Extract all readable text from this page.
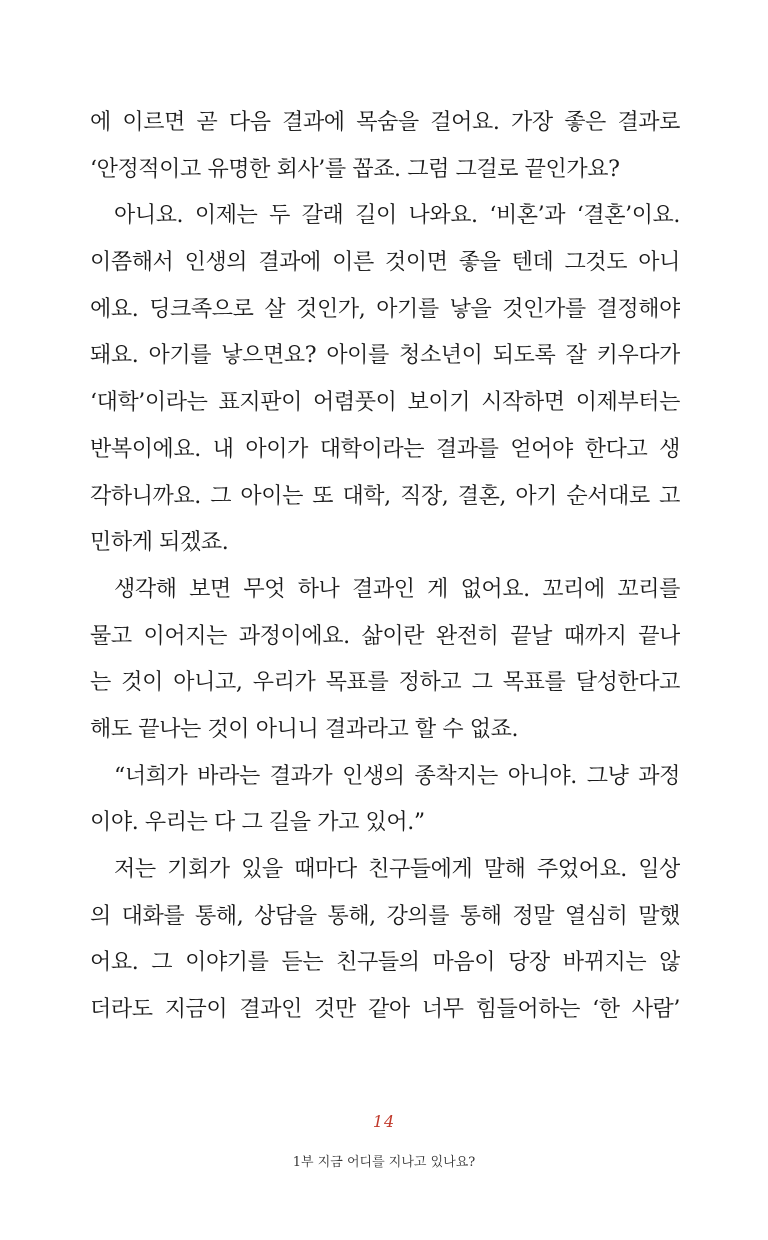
에 이르면 곧 다음 결과에 목숨을 걸어요. 가장 좋은 결과로
‘안정적이고 유명한 회사’를 꼽죠. 그럼 그걸로 끝인가요?
아니요. 이제는 두 갈래 길이 나와요. ‘비혼’과 ‘결혼’이요.
이쯤해서 인생의 결과에 이른 것이면 좋을 텐데 그것도 아니
에요. 딩크족으로 살 것인가, 아기를 낳을 것인가를 결정해야
돼요. 아기를 낳으면요? 아이를 청소년이 되도록 잘 키우다가
‘대학’이라는 표지판이 어렴풋이 보이기 시작하면 이제부터는
반복이에요. 내 아이가 대학이라는 결과를 얻어야 한다고 생
각하니까요. 그 아이는 또 대학, 직장, 결혼, 아기 순서대로 고
민하게 되겠죠.
생각해 보면 무엇 하나 결과인 게 없어요. 꼬리에 꼬리를
물고 이어지는 과정이에요. 삶이란 완전히 끝날 때까지 끝나
는 것이 아니고, 우리가 목표를 정하고 그 목표를 달성한다고
해도 끝나는 것이 아니니 결과라고 할 수 없죠.
“너희가 바라는 결과가 인생의 종착지는 아니야. 그냥 과정
이야. 우리는 다 그 길을 가고 있어.”
저는 기회가 있을 때마다 친구들에게 말해 주었어요. 일상
의 대화를 통해, 상담을 통해, 강의를 통해 정말 열심히 말했
어요. 그 이야기를 듣는 친구들의 마음이 당장 바뀌지는 않
더라도 지금이 결과인 것만 같아 너무 힘들어하는 ‘한 사람’
14
1부 지금 어디를 지나고 있나요?
